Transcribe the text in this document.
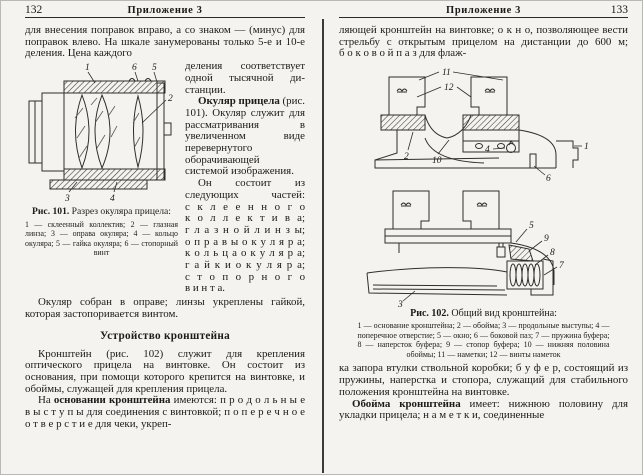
132	Приложение 3

для внесения поправок вправо, а со знаком — (минус) для поправок влево. На шкале занумерованы только 5-е и 10-е деления. Цена каждого

1	6 5
2
3	4
Рис. 101. Разрез окуляра прицела:
1 — склеенный коллектив; 2 — глазная линза; 3 — оправа окуляра; 4 — кольцо окуляра; 5 — гайка окуляра; 6 — стопорный винт

деления соответствует одной тысячной дистанции.

Окуляр прицела (рис. 101). Окуляр служит для рассматривания в увеличенном виде перевернутого оборачивающей системой изображения.

Он состоит из следующих частей: с к л е е н н о г о к о л л е к т и в а; г л а з н о й л и н з ы; о п р а в ы о к у л я р а; к о л ь ц а о к у л я р а; г а й к и о к у л я р а; с т о п о р н о г о в и н т а.

Окуляр собран в оправе; линзы укреплены гайкой, которая застопоривается винтом.

Устройство кронштейна

Кронштейн (рис. 102) служит для крепления оптического прицела на винтовке. Он состоит из основания, при помощи которого крепится на винтовке, и обоймы, служащей для крепления прицела.

На основании кронштейна имеются: п р о д о л ь н ы е в ы с т у п ы для соединения с винтовкой; п о п е р е ч н о е о т в е р с т и е для чеки, укреп-

Приложение 3	133

ляющей кронштейн на винтовке; о к н о, позволяющее вести стрельбу с открытым прицелом на дистанции до 600 м; б о к о в о й п а з для флаж-

11
12
2 10
4	1
6
5
9
8
7
3
Рис. 102. Общий вид кронштейна:
1 — основание кронштейна; 2 — обойма; 3 — продольные выступы; 4 — поперечное отверстие; 5 — окно; 6 — боковой паз; 7 — пружина буфера; 8 — наперсток буфера; 9 — стопор буфера; 10 — нижняя половина обоймы; 11 — наметки; 12 — винты наметок

ка запора втулки ствольной коробки; б у ф е р, состоящий из пружины, наперстка и стопора, служащий для стабильного положения кронштейна на винтовке.

Обойма кронштейна имеет: нижнюю половину для укладки прицела; н а м е т к и, соединенные
